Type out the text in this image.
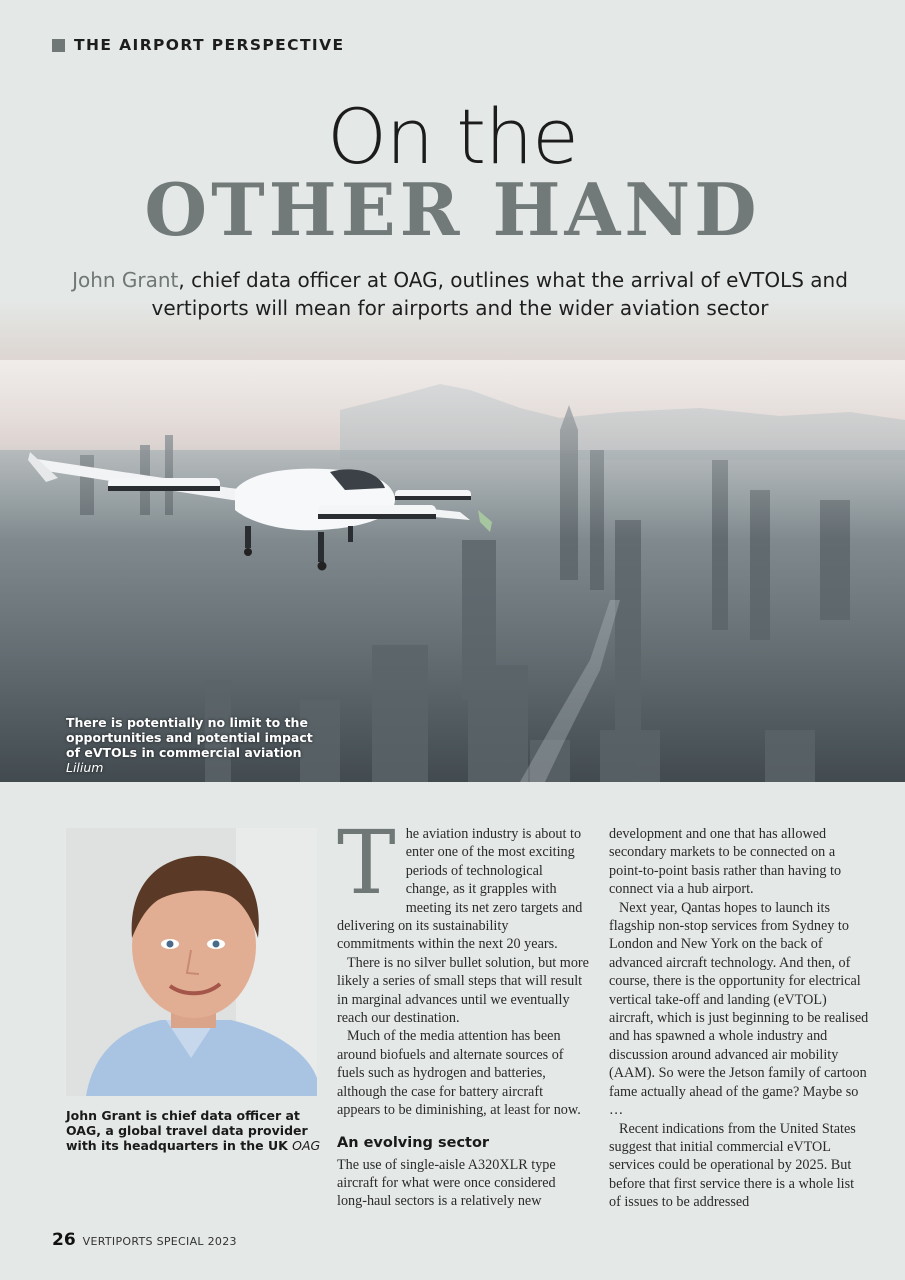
THE AIRPORT PERSPECTIVE
On the
OTHER HAND
John Grant, chief data officer at OAG, outlines what the arrival of eVTOLS and vertiports will mean for airports and the wider aviation sector
There is potentially no limit to the opportunities and potential impact of eVTOLs in commercial aviation Lilium
John Grant is chief data officer at OAG, a global travel data provider with its headquarters in the UK OAG
T he aviation industry is about to enter one of the most exciting periods of technological change, as it grapples with meeting its net zero targets and delivering on its sustainability commitments within the next 20 years.

There is no silver bullet solution, but more likely a series of small steps that will result in marginal advances until we eventually reach our destination.

Much of the media attention has been around biofuels and alternate sources of fuels such as hydrogen and batteries, although the case for battery aircraft appears to be diminishing, at least for now.

An evolving sector

The use of single-aisle A320XLR type aircraft for what were once considered long-haul sectors is a relatively new

development and one that has allowed secondary markets to be connected on a point-to-point basis rather than having to connect via a hub airport.

Next year, Qantas hopes to launch its flagship non-stop services from Sydney to London and New York on the back of advanced aircraft technology. And then, of course, there is the opportunity for electrical vertical take-off and landing (eVTOL) aircraft, which is just beginning to be realised and has spawned a whole industry and discussion around advanced air mobility (AAM). So were the Jetson family of cartoon fame actually ahead of the game? Maybe so …

Recent indications from the United States suggest that initial commercial eVTOL services could be operational by 2025. But before that first service there is a whole list of issues to be addressed

26 VERTIPORTS SPECIAL 2023
